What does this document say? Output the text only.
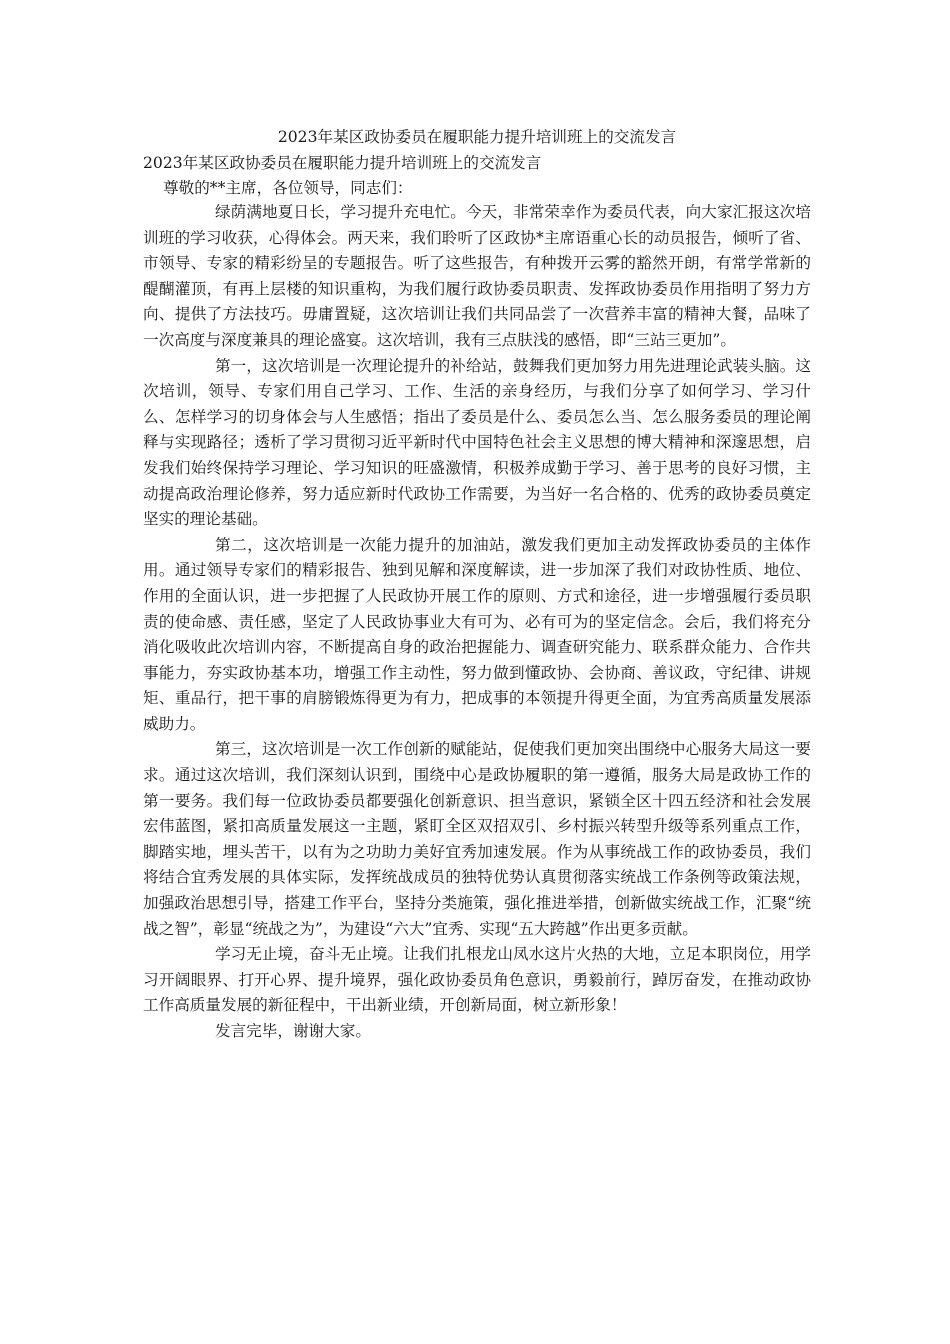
2023年某区政协委员在履职能力提升培训班上的交流发言

2023年某区政协委员在履职能力提升培训班上的交流发言

尊敬的**主席，各位领导，同志们：

绿荫满地夏日长，学习提升充电忙。今天，非常荣幸作为委员代表，向大家汇报这次培训班的学习收获，心得体会。两天来，我们聆听了区政协*主席语重心长的动员报告，倾听了省、市领导、专家的精彩纷呈的专题报告。听了这些报告，有种拨开云雾的豁然开朗，有常学常新的醍醐灌顶，有再上层楼的知识重构，为我们履行政协委员职责、发挥政协委员作用指明了努力方向、提供了方法技巧。毋庸置疑，这次培训让我们共同品尝了一次营养丰富的精神大餐，品味了一次高度与深度兼具的理论盛宴。这次培训，我有三点肤浅的感悟，即“三站三更加”。

第一，这次培训是一次理论提升的补给站，鼓舞我们更加努力用先进理论武装头脑。这次培训，领导、专家们用自己学习、工作、生活的亲身经历，与我们分享了如何学习、学习什么、怎样学习的切身体会与人生感悟；指出了委员是什么、委员怎么当、怎么服务委员的理论阐释与实现路径；透析了学习贯彻习近平新时代中国特色社会主义思想的博大精神和深邃思想，启发我们始终保持学习理论、学习知识的旺盛激情，积极养成勤于学习、善于思考的良好习惯，主动提高政治理论修养，努力适应新时代政协工作需要，为当好一名合格的、优秀的政协委员奠定坚实的理论基础。

第二，这次培训是一次能力提升的加油站，激发我们更加主动发挥政协委员的主体作用。通过领导专家们的精彩报告、独到见解和深度解读，进一步加深了我们对政协性质、地位、作用的全面认识，进一步把握了人民政协开展工作的原则、方式和途径，进一步增强履行委员职责的使命感、责任感，坚定了人民政协事业大有可为、必有可为的坚定信念。会后，我们将充分消化吸收此次培训内容，不断提高自身的政治把握能力、调查研究能力、联系群众能力、合作共事能力，夯实政协基本功，增强工作主动性，努力做到懂政协、会协商、善议政，守纪律、讲规矩、重品行，把干事的肩膀锻炼得更为有力，把成事的本领提升得更全面，为宜秀高质量发展添威助力。

第三，这次培训是一次工作创新的赋能站，促使我们更加突出围绕中心服务大局这一要求。通过这次培训，我们深刻认识到，围绕中心是政协履职的第一遵循，服务大局是政协工作的第一要务。我们每一位政协委员都要强化创新意识、担当意识，紧锁全区十四五经济和社会发展宏伟蓝图，紧扣高质量发展这一主题，紧盯全区双招双引、乡村振兴转型升级等系列重点工作，脚踏实地，埋头苦干，以有为之功助力美好宜秀加速发展。作为从事统战工作的政协委员，我们将结合宜秀发展的具体实际，发挥统战成员的独特优势认真贯彻落实统战工作条例等政策法规，加强政治思想引导，搭建工作平台，坚持分类施策，强化推进举措，创新做实统战工作，汇聚“统战之智”，彰显“统战之为”，为建设“六大”宜秀、实现“五大跨越”作出更多贡献。

学习无止境，奋斗无止境。让我们扎根龙山凤水这片火热的大地，立足本职岗位，用学习开阔眼界、打开心界、提升境界，强化政协委员角色意识，勇毅前行，踔厉奋发，在推动政协工作高质量发展的新征程中，干出新业绩，开创新局面，树立新形象！

发言完毕，谢谢大家。
